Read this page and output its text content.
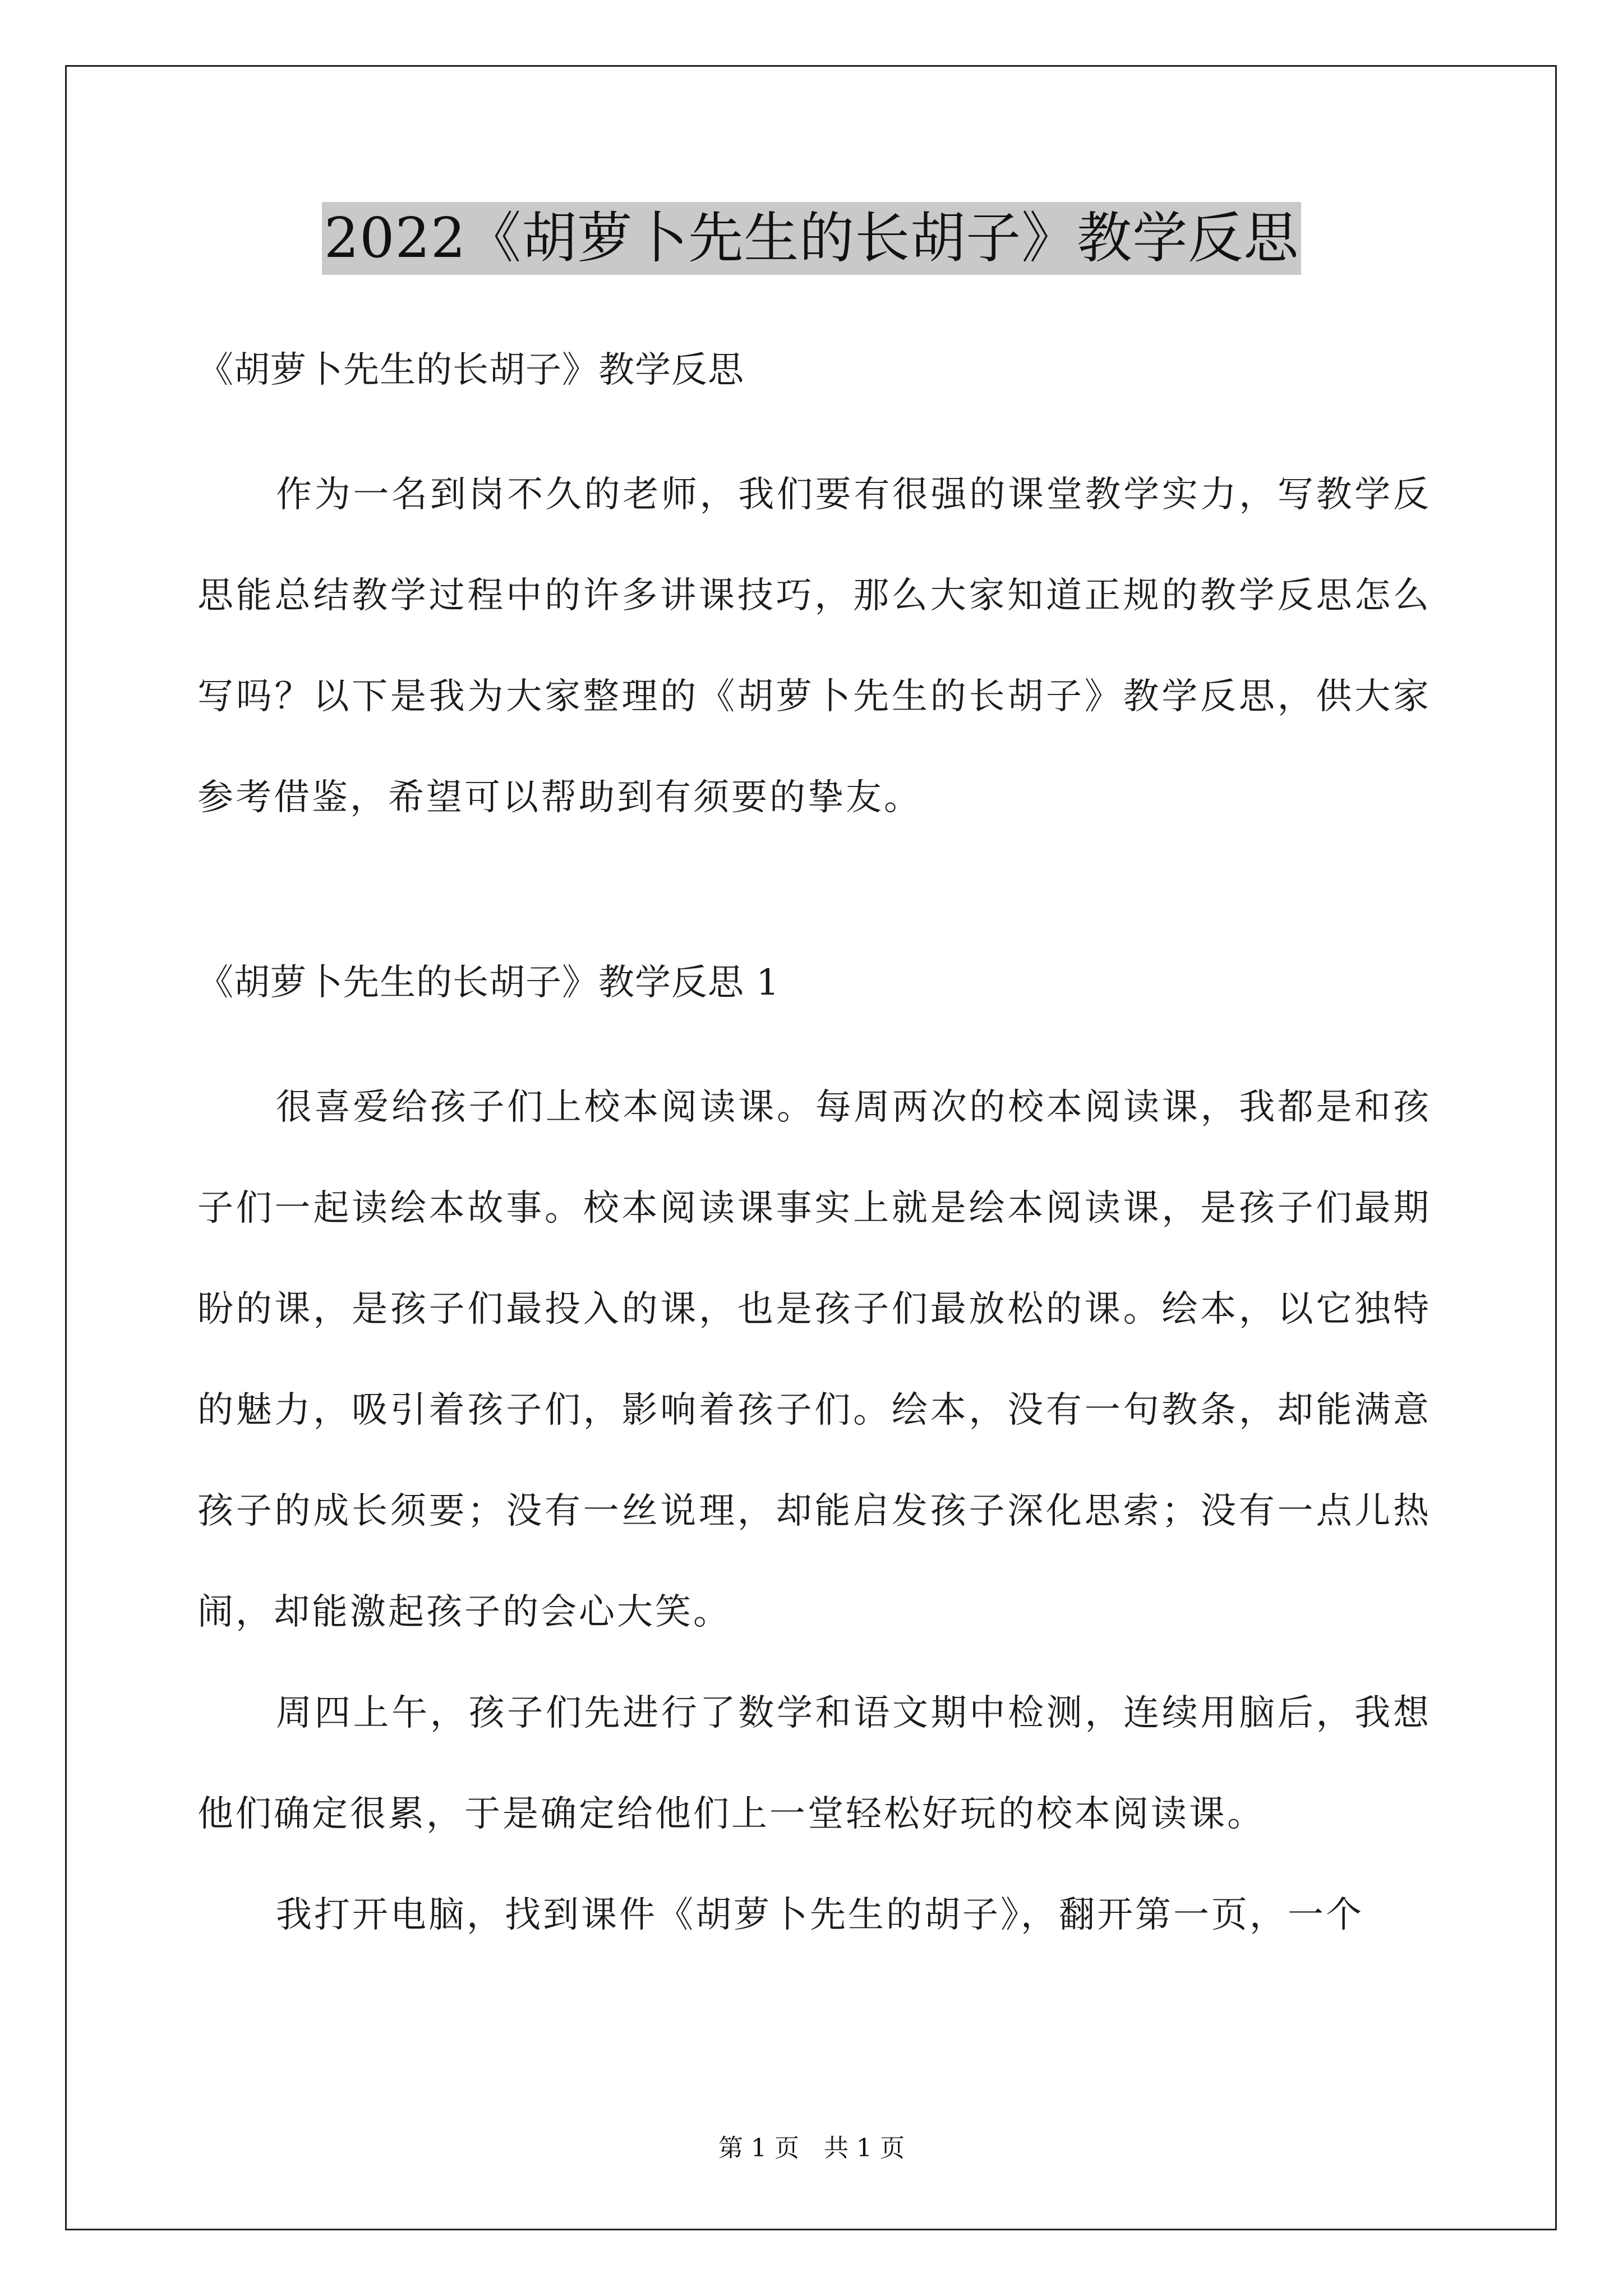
2022《胡萝卜先生的长胡子》教学反思

《胡萝卜先生的长胡子》教学反思

作为一名到岗不久的老师，我们要有很强的课堂教学实力，写教学反思能总结教学过程中的许多讲课技巧，那么大家知道正规的教学反思怎么写吗？以下是我为大家整理的《胡萝卜先生的长胡子》教学反思，供大家参考借鉴，希望可以帮助到有须要的挚友。

《胡萝卜先生的长胡子》教学反思 1

很喜爱给孩子们上校本阅读课。每周两次的校本阅读课，我都是和孩子们一起读绘本故事。校本阅读课事实上就是绘本阅读课，是孩子们最期盼的课，是孩子们最投入的课，也是孩子们最放松的课。绘本，以它独特的魅力，吸引着孩子们，影响着孩子们。绘本，没有一句教条，却能满意孩子的成长须要；没有一丝说理，却能启发孩子深化思索；没有一点儿热闹，却能激起孩子的会心大笑。

周四上午，孩子们先进行了数学和语文期中检测，连续用脑后，我想他们确定很累，于是确定给他们上一堂轻松好玩的校本阅读课。

我打开电脑，找到课件《胡萝卜先生的胡子》，翻开第一页，一个

第 1 页　共 1 页
